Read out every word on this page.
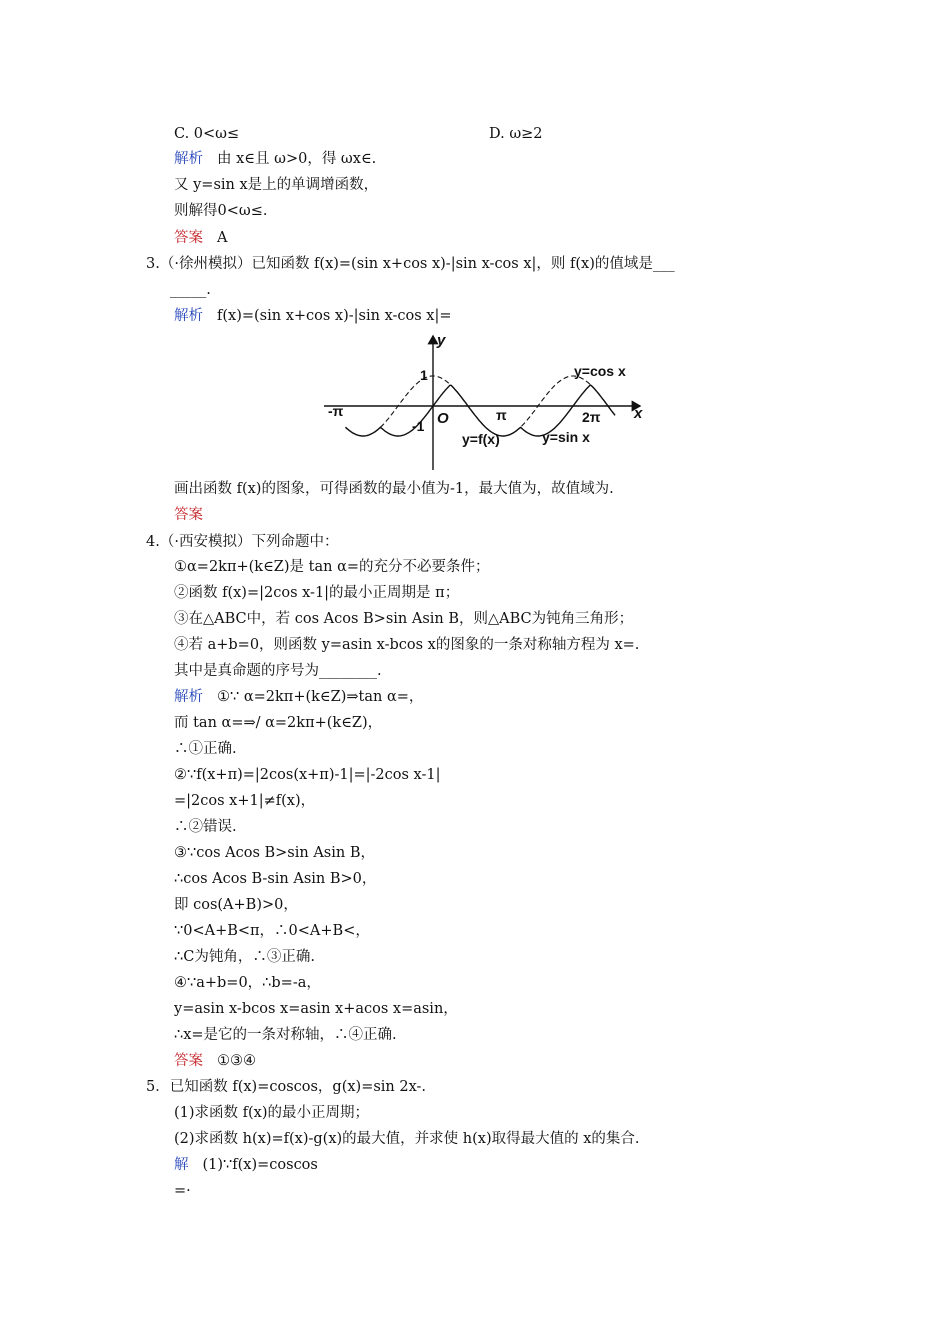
C. 0<ω≤	D. ω≥2
解析 由 x∈且 ω>0，得 ωx∈.
又 y=sin x是上的单调增函数，
则解得0<ω≤.
答案 A
3.（·徐州模拟）已知函数 f(x)=(sin x+cos x)-|sin x-cos x|，则 f(x)的值域是___
_____.
解析 f(x)=(sin x+cos x)-|sin x-cos x|=
y
x
O
1
-1
-π	π	2π
y=cos x
y=f(x)	y=sin x
画出函数 f(x)的图象，可得函数的最小值为-1，最大值为，故值域为.
答案
4.（·西安模拟）下列命题中：
①α=2kπ+(k∈Z)是 tan α=的充分不必要条件；
②函数 f(x)=|2cos x-1|的最小正周期是 π；
③在△ABC中，若 cos Acos B>sin Asin B，则△ABC为钝角三角形；
④若 a+b=0，则函数 y=asin x-bcos x的图象的一条对称轴方程为 x=.
其中是真命题的序号为________.
解析 ①∵ α=2kπ+(k∈Z)⇒tan α=，
而 tan α=⇒/ α=2kπ+(k∈Z)，
∴①正确.
②∵f(x+π)=|2cos(x+π)-1|=|-2cos x-1|
=|2cos x+1|≠f(x)，
∴②错误.
③∵cos Acos B>sin Asin B，
∴cos Acos B-sin Asin B>0，
即 cos(A+B)>0，
∵0<A+B<π，∴0<A+B<，
∴C为钝角，∴③正确.
④∵a+b=0，∴b=-a，
y=asin x-bcos x=asin x+acos x=asin，
∴x=是它的一条对称轴，∴④正确.
答案 ①③④
5．已知函数 f(x)=coscos，g(x)=sin 2x-.
(1)求函数 f(x)的最小正周期；
(2)求函数 h(x)=f(x)-g(x)的最大值，并求使 h(x)取得最大值的 x的集合.
解 (1)∵f(x)=coscos
=·
